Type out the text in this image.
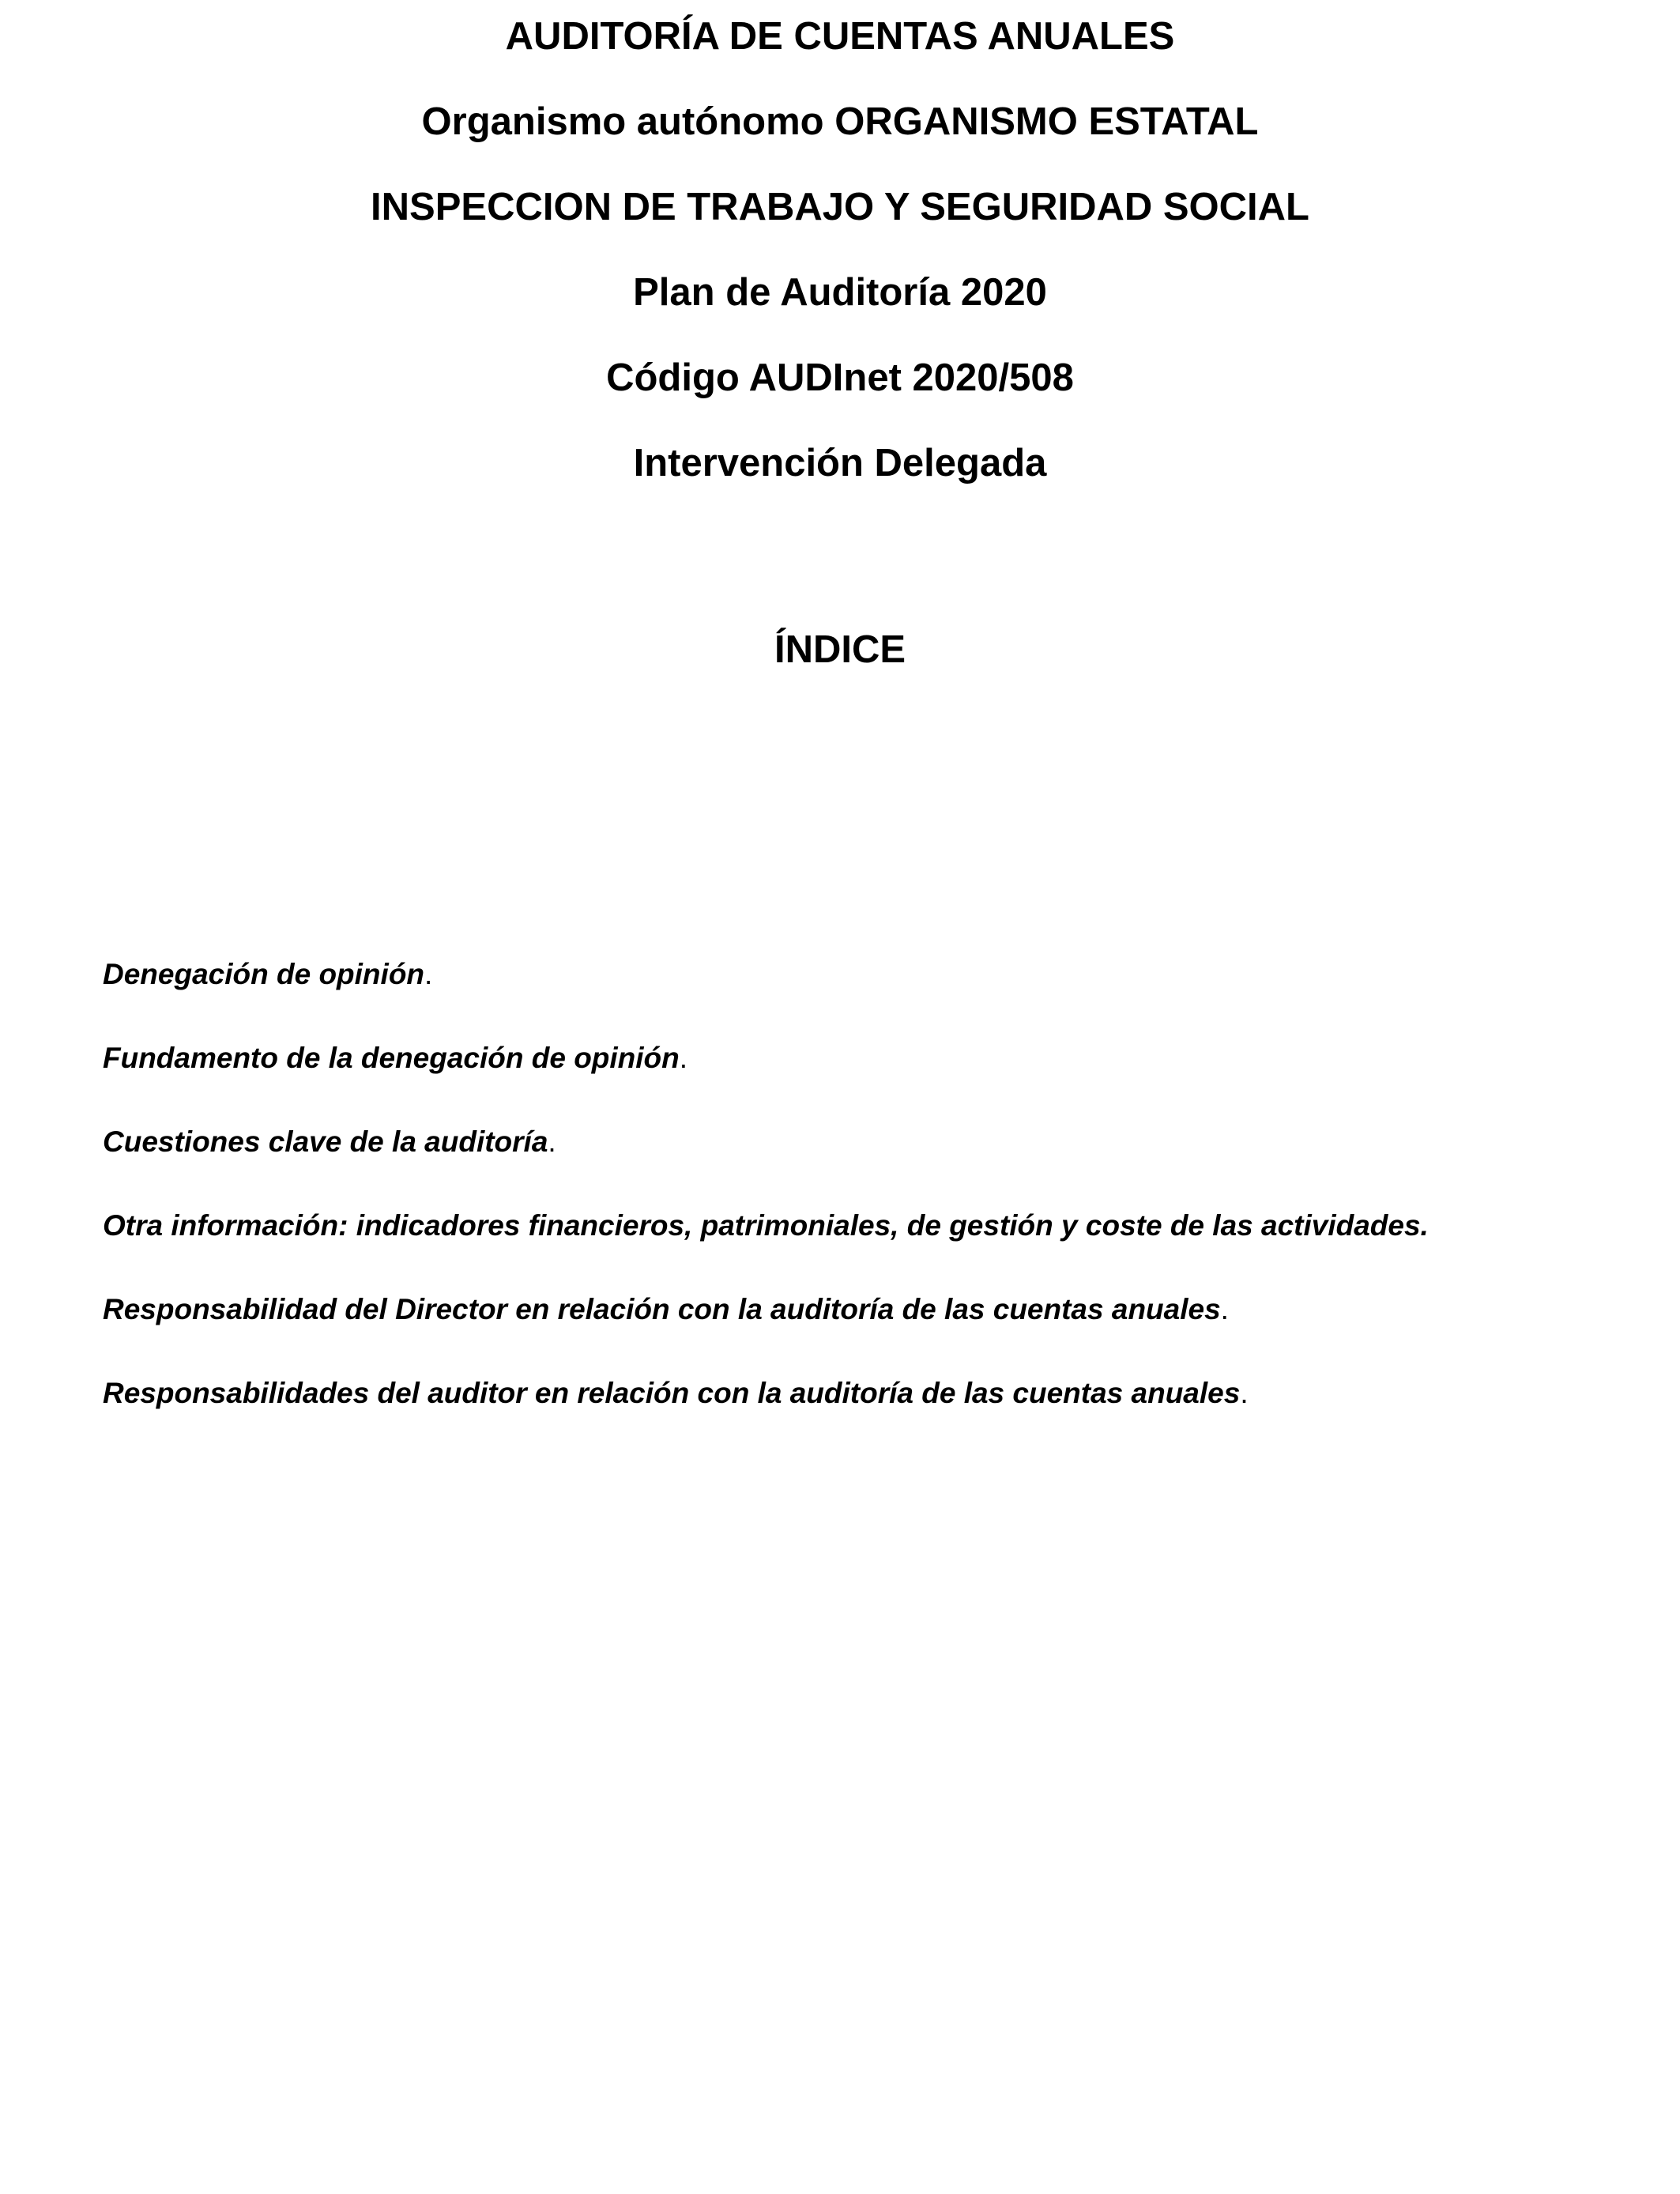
AUDITORÍA DE CUENTAS ANUALES
Organismo autónomo ORGANISMO ESTATAL
INSPECCION DE TRABAJO Y SEGURIDAD SOCIAL
Plan de Auditoría 2020
Código AUDInet 2020/508
Intervención Delegada
ÍNDICE
Denegación de opinión.
Fundamento de la denegación de opinión.
Cuestiones clave de la auditoría.
Otra información: indicadores financieros, patrimoniales, de gestión y coste de las actividades.
Responsabilidad del Director en relación con la auditoría de las cuentas anuales.
Responsabilidades del auditor en relación con la auditoría de las cuentas anuales.
